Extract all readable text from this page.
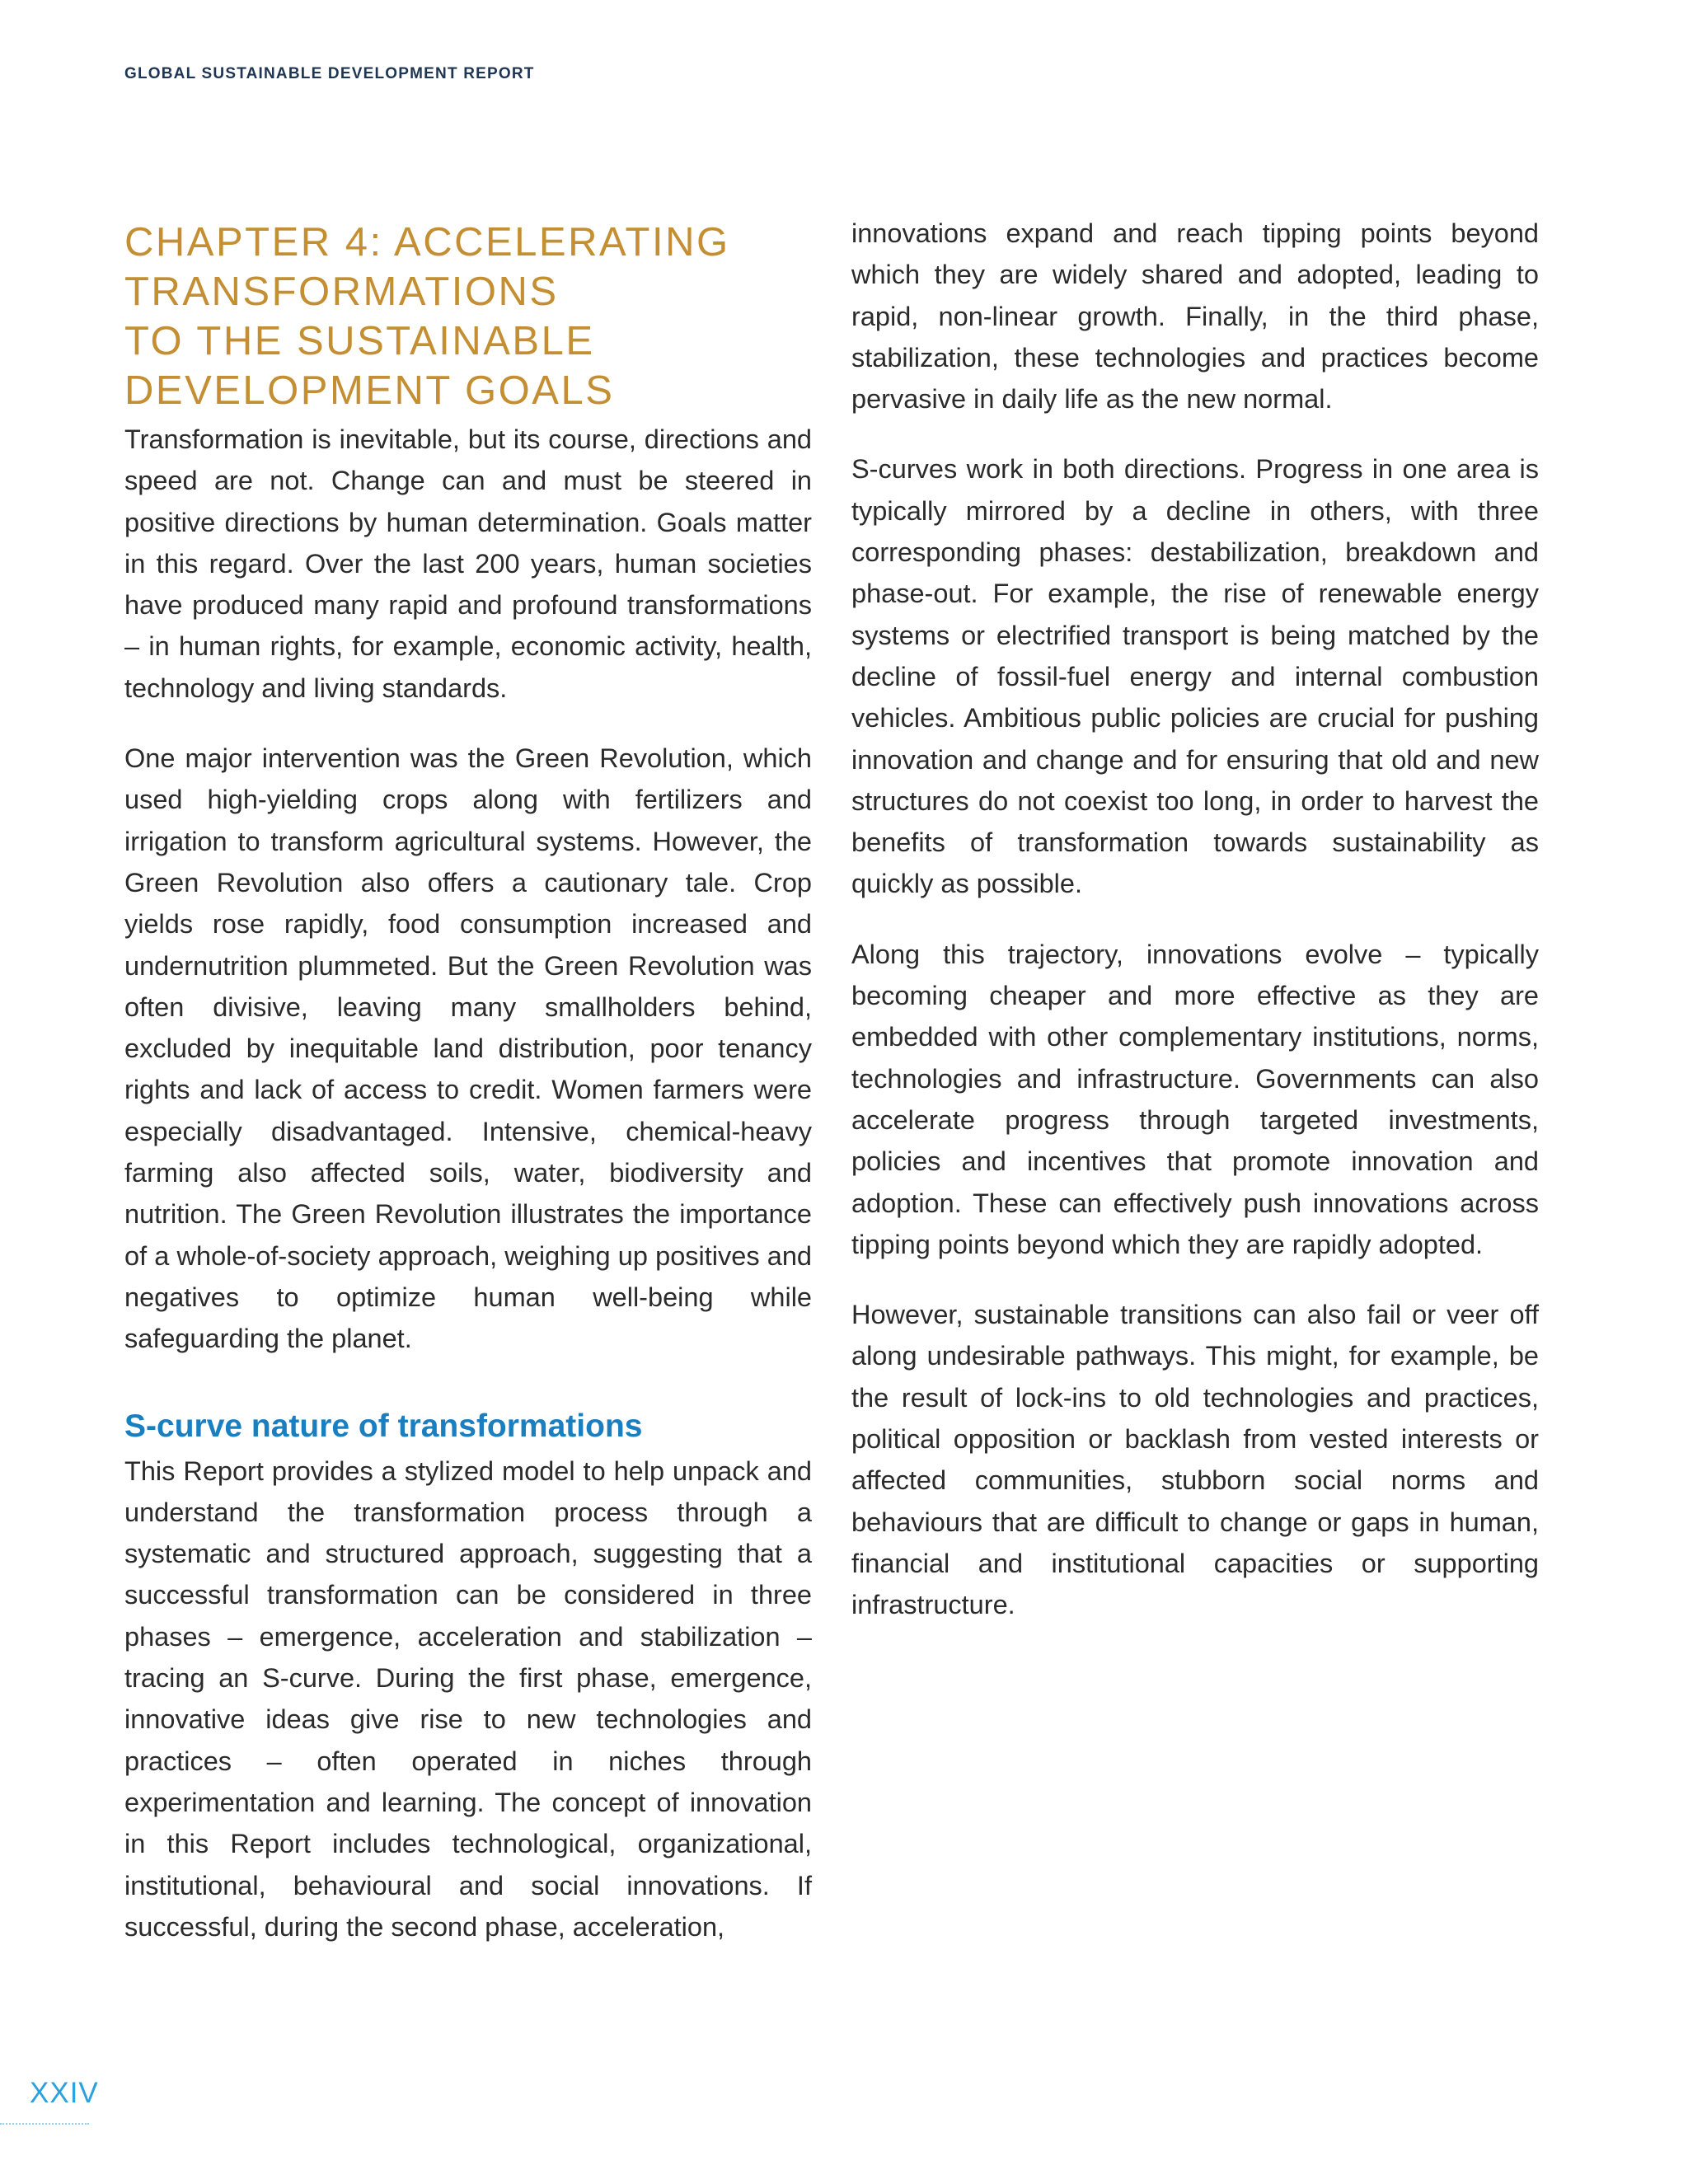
GLOBAL SUSTAINABLE DEVELOPMENT REPORT

CHAPTER 4: ACCELERATING
TRANSFORMATIONS
TO THE SUSTAINABLE
DEVELOPMENT GOALS

Transformation is inevitable, but its course, directions and speed are not. Change can and must be steered in positive directions by human determination. Goals matter in this regard. Over the last 200 years, human societies have produced many rapid and profound transformations – in human rights, for example, economic activity, health, technology and living standards.

One major intervention was the Green Revolution, which used high-yielding crops along with fertilizers and irrigation to transform agricultural systems. However, the Green Revolution also offers a cautionary tale. Crop yields rose rapidly, food consumption increased and undernutrition plummeted. But the Green Revolution was often divisive, leaving many smallholders behind, excluded by inequitable land distribution, poor tenancy rights and lack of access to credit. Women farmers were especially disadvantaged. Intensive, chemical-heavy farming also affected soils, water, biodiversity and nutrition. The Green Revolution illustrates the importance of a whole-of-society approach, weighing up positives and negatives to optimize human well-being while safeguarding the planet.

S-curve nature of transformations

This Report provides a stylized model to help unpack and understand the transformation process through a systematic and structured approach, suggesting that a successful transformation can be considered in three phases – emergence, acceleration and stabilization – tracing an S-curve. During the first phase, emergence, innovative ideas give rise to new technologies and practices – often operated in niches through experimentation and learning. The concept of innovation in this Report includes technological, organizational, institutional, behavioural and social innovations. If successful, during the second phase, acceleration,

innovations expand and reach tipping points beyond which they are widely shared and adopted, leading to rapid, non-linear growth. Finally, in the third phase, stabilization, these technologies and practices become pervasive in daily life as the new normal.

S-curves work in both directions. Progress in one area is typically mirrored by a decline in others, with three corresponding phases: destabilization, breakdown and phase-out. For example, the rise of renewable energy systems or electrified transport is being matched by the decline of fossil-fuel energy and internal combustion vehicles. Ambitious public policies are crucial for pushing innovation and change and for ensuring that old and new structures do not coexist too long, in order to harvest the benefits of transformation towards sustainability as quickly as possible.

Along this trajectory, innovations evolve – typically becoming cheaper and more effective as they are embedded with other complementary institutions, norms, technologies and infrastructure. Governments can also accelerate progress through targeted investments, policies and incentives that promote innovation and adoption. These can effectively push innovations across tipping points beyond which they are rapidly adopted.

However, sustainable transitions can also fail or veer off along undesirable pathways. This might, for example, be the result of lock-ins to old technologies and practices, political opposition or backlash from vested interests or affected communities, stubborn social norms and behaviours that are difficult to change or gaps in human, financial and institutional capacities or supporting infrastructure.

XXIV
